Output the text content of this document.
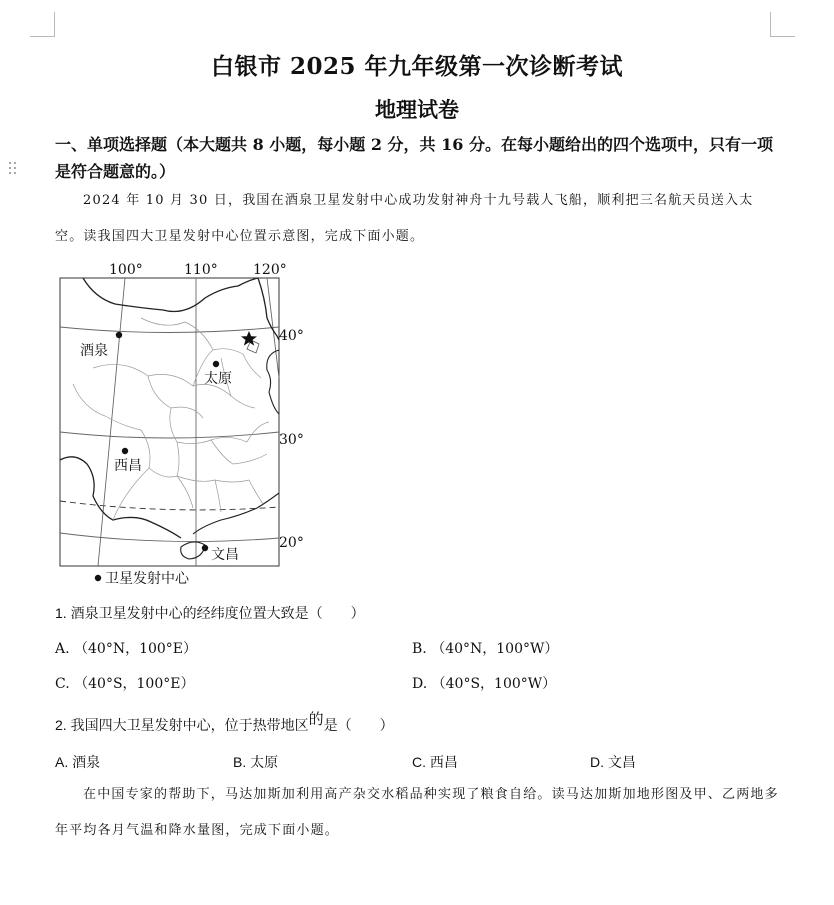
白银市 2025 年九年级第一次诊断考试
地理试卷

一、单项选择题（本大题共 8 小题，每小题 2 分，共 16 分。在每小题给出的四个选项中，只有一项是符合题意的。）

2024 年 10 月 30 日，我国在酒泉卫星发射中心成功发射神舟十九号载人飞船，顺利把三名航天员送入太空。读我国四大卫星发射中心位置示意图，完成下面小题。

100°	110°	120°
40°
30°
20°
酒泉
太原
西昌
文昌
卫星发射中心

1. 酒泉卫星发射中心的经纬度位置大致是（　　）

A. （40°N，100°E）	B. （40°N，100°W）
C. （40°S，100°E）	D. （40°S，100°W）

2. 我国四大卫星发射中心，位于热带地区的是（　　）

A. 酒泉	B. 太原	C. 西昌	D. 文昌

在中国专家的帮助下，马达加斯加利用高产杂交水稻品种实现了粮食自给。读马达加斯加地形图及甲、乙两地多年平均各月气温和降水量图，完成下面小题。
